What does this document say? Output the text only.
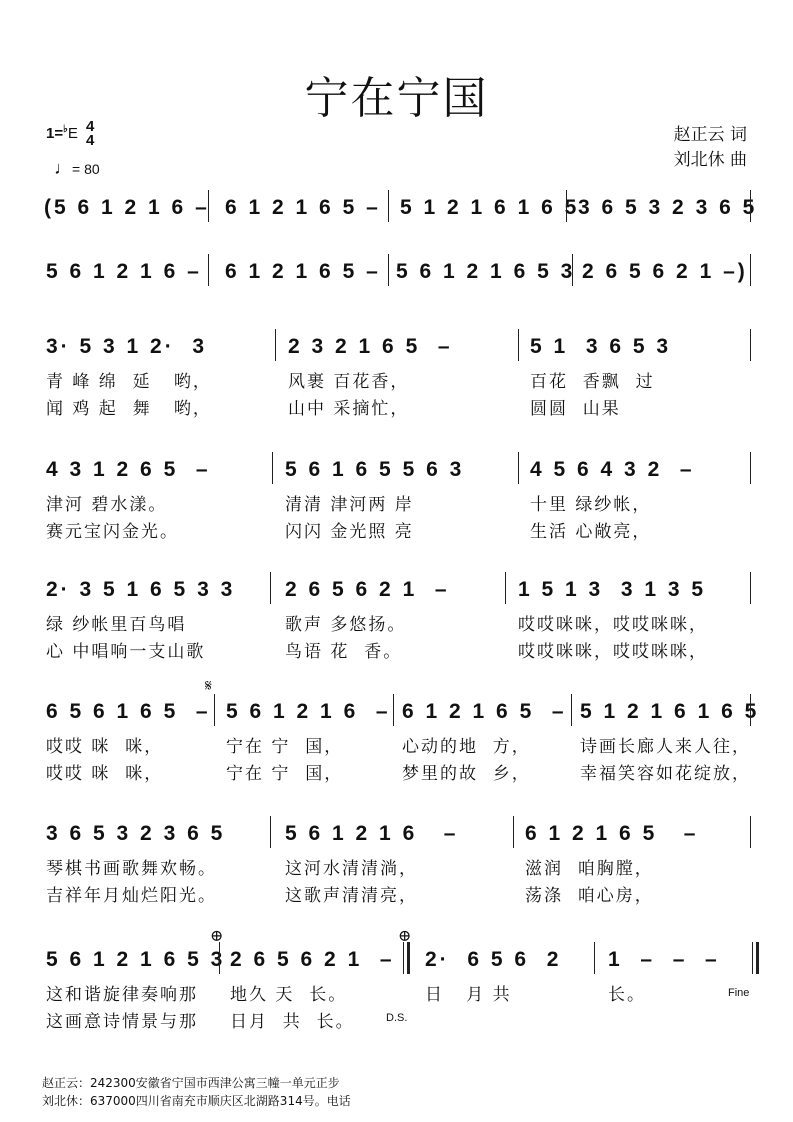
宁在宁国
1=♭E 4
4
♩= 80
赵正云 词
刘北休 曲
(5 6 1 2 1 6 – 6 1 2 1 6 5 – 5 1 2 1 6 1 6 5
3 6 5 3 2 3 6 5
5 6 1 2 1 6 – 6 1 2 1 6 5 – 5 6 1 2 1 6 5 3 2 6 5 6 2 1 –)
3· 5 3 1 2·  3	2 3 2 1 6 5  –	5 1  3 6 5 3
青 峰 绵  延   哟，	风裹 百花香，	百花  香飘  过
闻 鸡 起  舞   哟，	山中 采摘忙，	圆圆  山果
4 3 1 2 6 5  –	5 6 1 6 5 5 6 3	4 5 6 4 3 2  –
津河 碧水漾。	清清 津河两 岸	十里 绿纱帐，
赛元宝闪金光。	闪闪 金光照 亮	生活 心敞亮，
2· 3 5 1 6 5 3 3 2 6 5 6 2 1  –	1 5 1 3  3 1 3 5
绿 纱帐里百鸟唱	歌声 多悠扬。	哎哎咪咪，哎哎咪咪，
心 中唱响一支山歌	鸟语 花  香。	哎哎咪咪，哎哎咪咪，
6 5 6 1 6 5  – 5 6 1 2 1 6  – 6 1 2 1 6 5  – 5 1 2 1 6 1 6 5
哎哎 咪  咪，	宁在 宁  国，	心动的地  方，	诗画长廊人来人往，
哎哎 咪  咪，	宁在 宁  国，	梦里的故  乡，	幸福笑容如花绽放，
3 6 5 3 2 3 6 5	5 6 1 2 1 6   –	6 1 2 1 6 5   –
琴棋书画歌舞欢畅。	这河水清清淌，	滋润  咱胸膛，
吉祥年月灿烂阳光。	这歌声清清亮，	荡涤  咱心房，
5 6 1 2 1 6 5 3 2 6 5 6 2 1  – 2·  6 5 6  2 1  –  –  –
这和谐旋律奏响那 地久 天  长。	日   月 共	长。
这画意诗情景与那 日月  共  长。
𝄋
⊕	⊕
D.S.
Fine
赵正云：242300安徽省宁国市西津公寓三幢一单元正步
刘北休：637000四川省南充市顺庆区北湖路314号。电话
